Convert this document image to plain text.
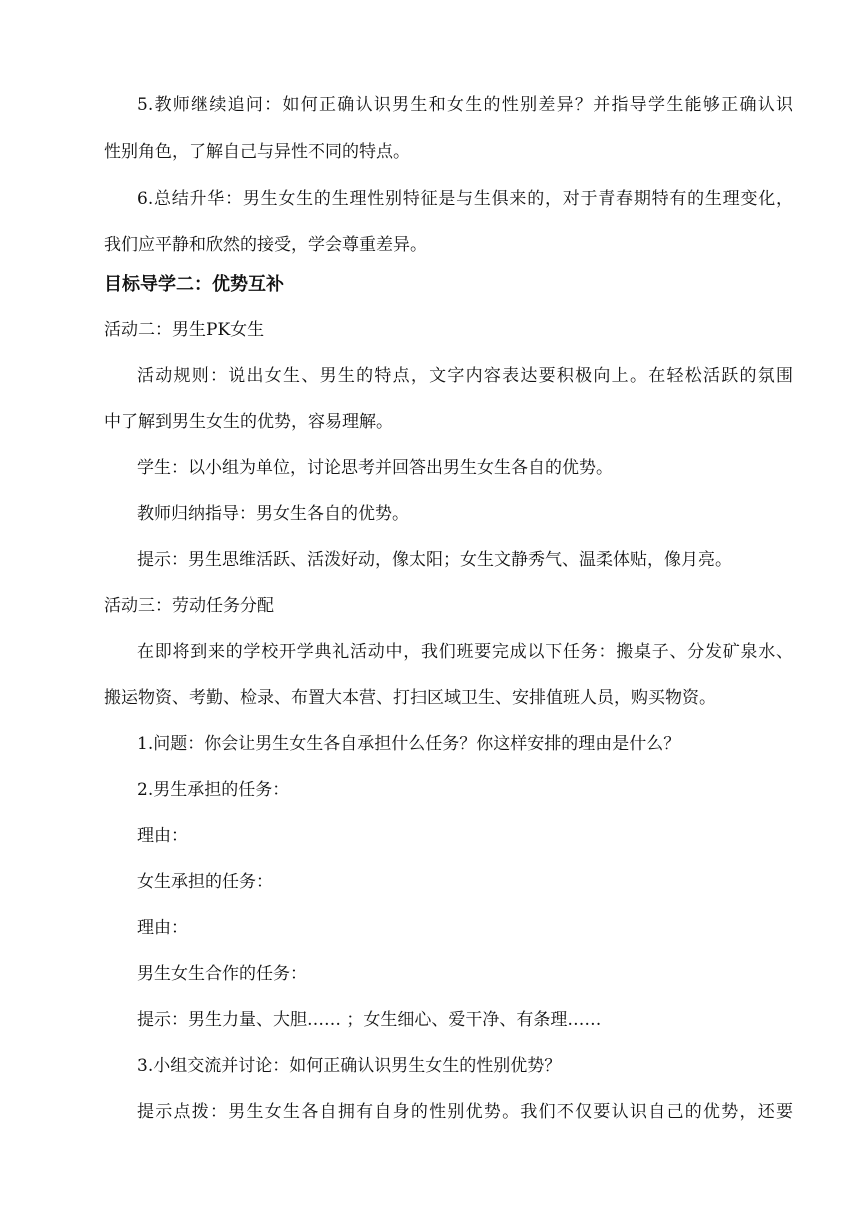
5.教师继续追问：如何正确认识男生和女生的性别差异？并指导学生能够正确认识
性别角色，了解自己与异性不同的特点。
6.总结升华：男生女生的生理性别特征是与生俱来的，对于青春期特有的生理变化，
我们应平静和欣然的接受，学会尊重差异。
目标导学二：优势互补
活动二：男生PK女生
活动规则：说出女生、男生的特点，文字内容表达要积极向上。在轻松活跃的氛围
中了解到男生女生的优势，容易理解。
学生：以小组为单位，讨论思考并回答出男生女生各自的优势。
教师归纳指导：男女生各自的优势。
提示：男生思维活跃、活泼好动，像太阳；女生文静秀气、温柔体贴，像月亮。
活动三：劳动任务分配
在即将到来的学校开学典礼活动中，我们班要完成以下任务：搬桌子、分发矿泉水、
搬运物资、考勤、检录、布置大本营、打扫区域卫生、安排值班人员，购买物资。
1.问题：你会让男生女生各自承担什么任务？你这样安排的理由是什么？
2.男生承担的任务：
理由：
女生承担的任务：
理由：
男生女生合作的任务：
提示：男生力量、大胆…… ；女生细心、爱干净、有条理……
3.小组交流并讨论：如何正确认识男生女生的性别优势？
提示点拨：男生女生各自拥有自身的性别优势。我们不仅要认识自己的优势，还要
